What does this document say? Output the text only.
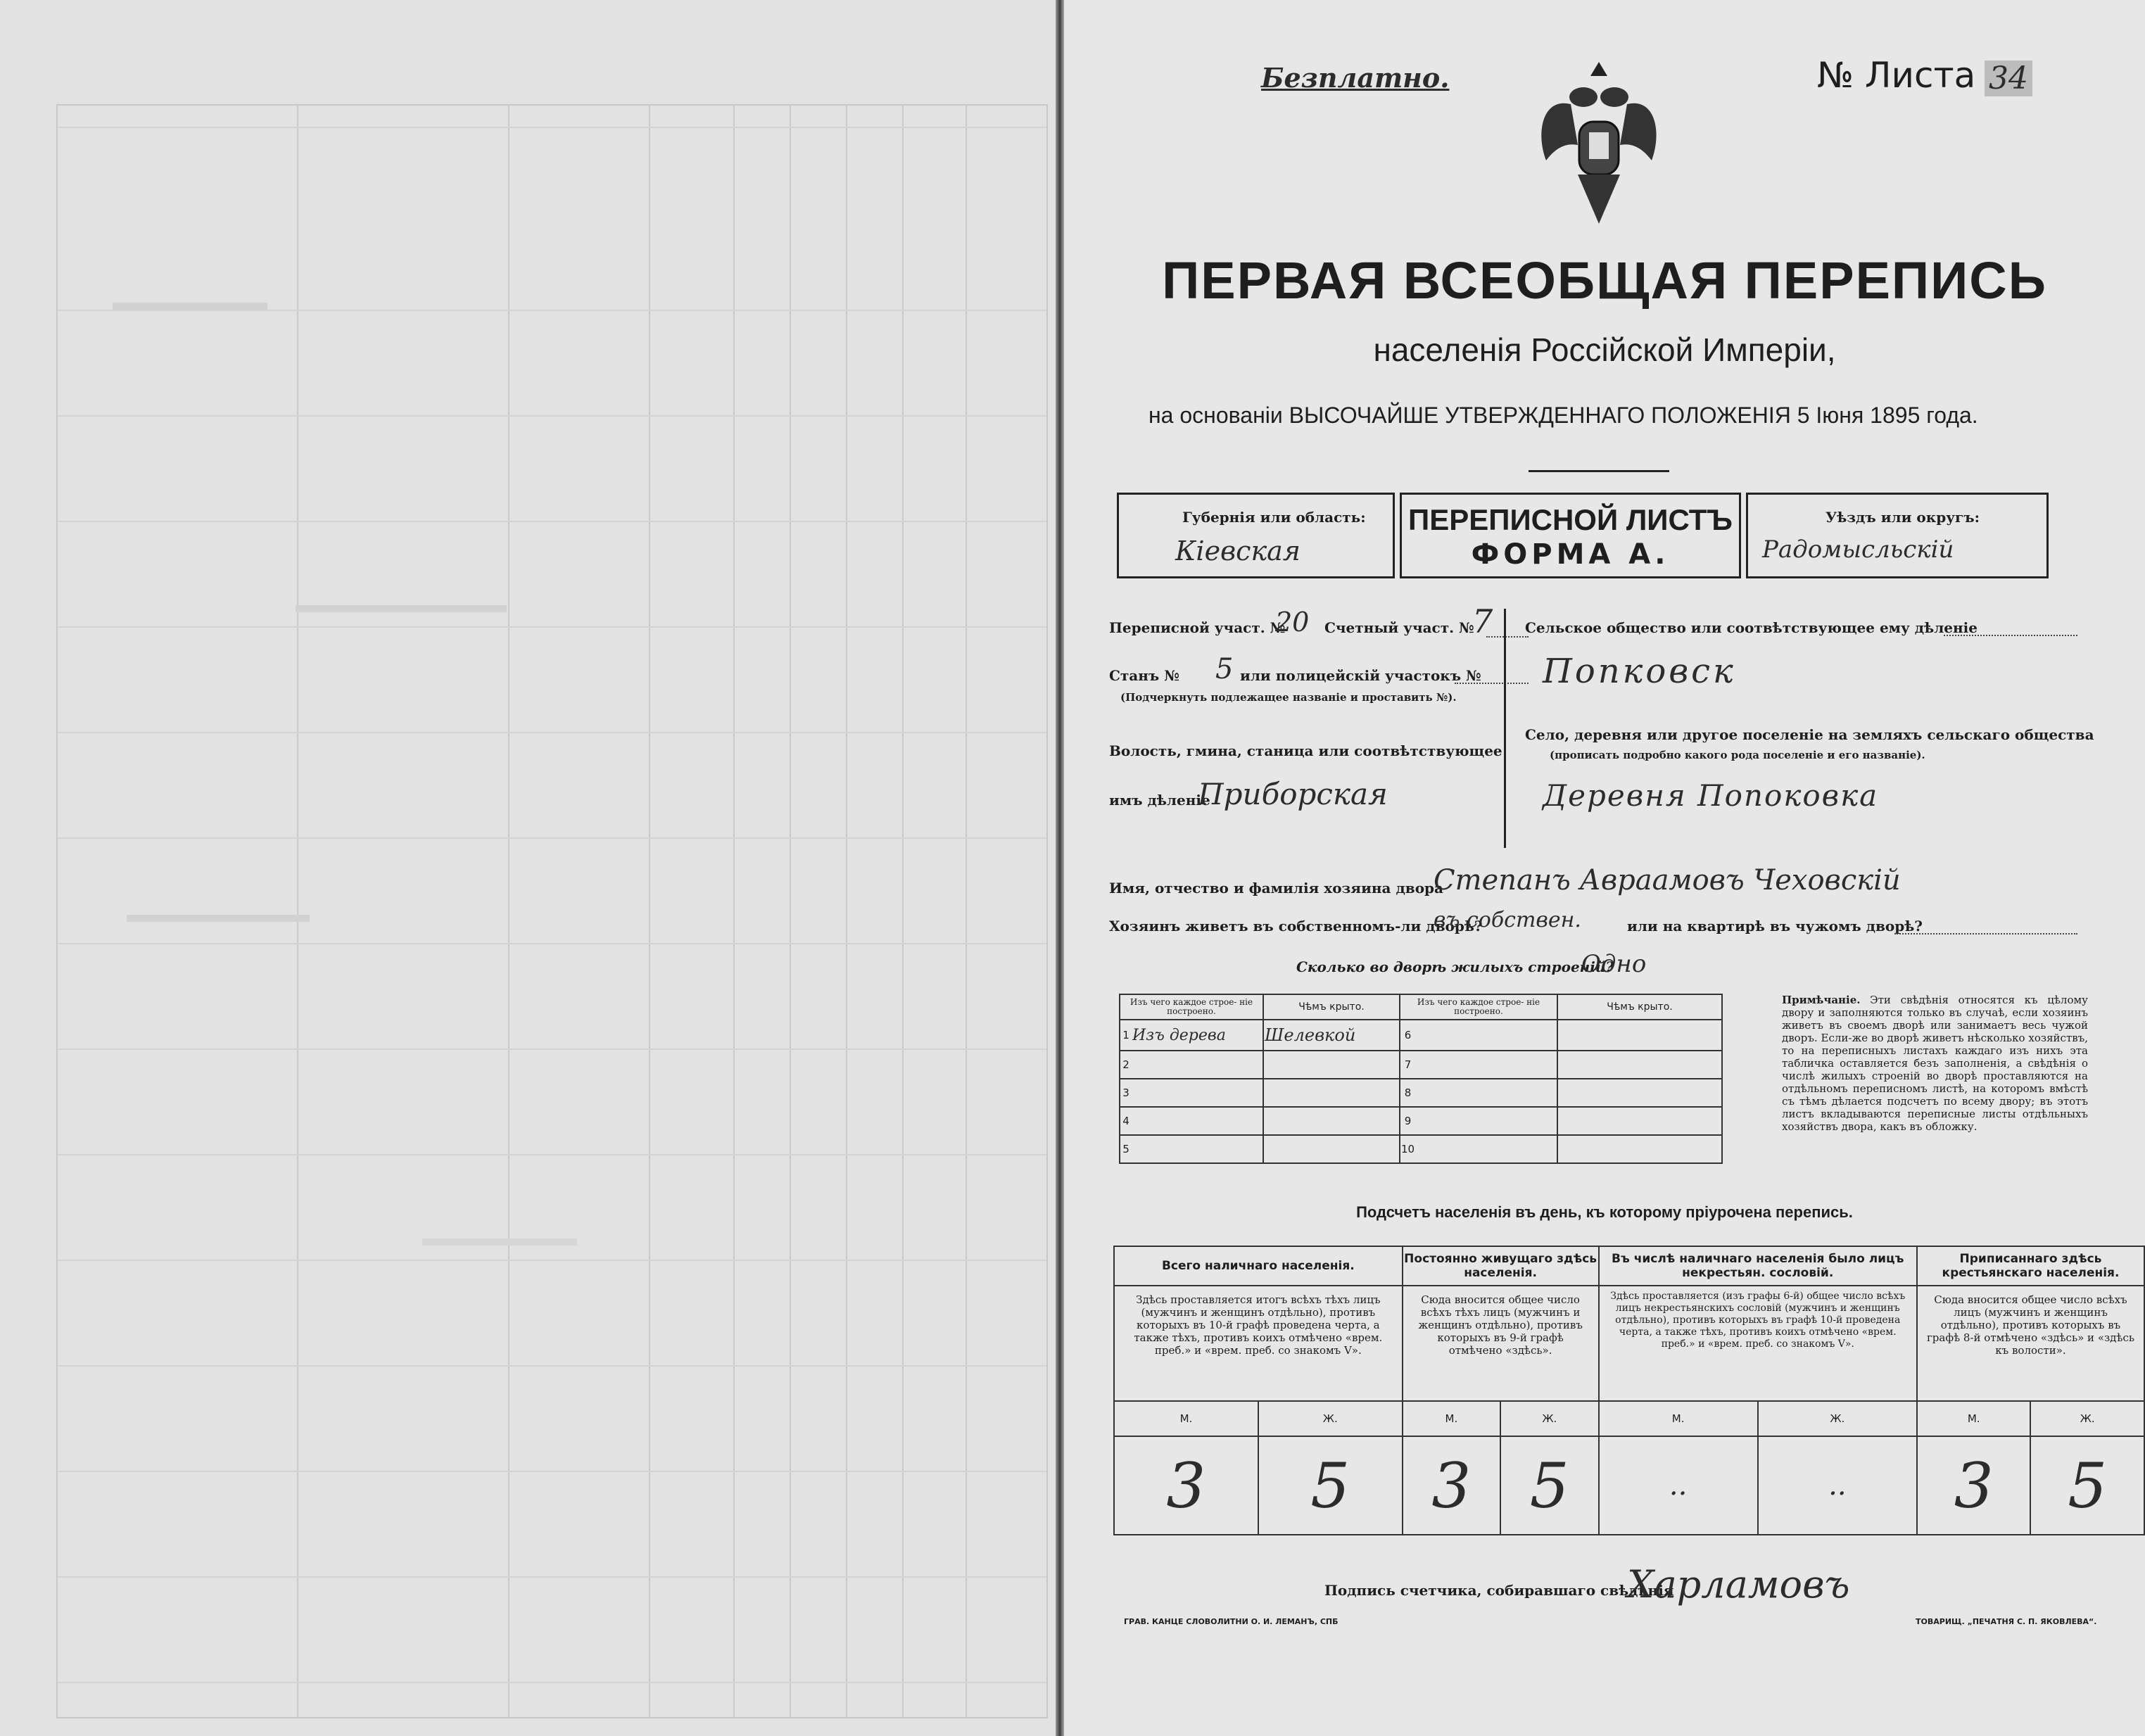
Безплатно.	№ Листа 34
ПЕРВАЯ ВСЕОБЩАЯ ПЕРЕПИСЬ
населенія Россійской Имперіи,
на основаніи ВЫСОЧАЙШЕ УТВЕРЖДЕННАГО ПОЛОЖЕНІЯ 5 Іюня 1895 года.
Губернія или область:
Кіевская
ПЕРЕПИСНОЙ ЛИСТЪ
ФОРМА А.
Уѣздъ или округъ:
Радомысльскій
Переписной участ. №
20 Счетный участ. №
7
Станъ № 5 или полицейскій участокъ №
(Подчеркнуть подлежащее названіе и проставить №).
Волость, гмина, станица или соотвѣтствующее
имъ дѣленіе
Приборская
Сельское общество или соотвѣтствующее ему дѣленіе
Попковск
Село, деревня или другое поселеніе на земляхъ сельскаго общества
(прописать подробно какого рода поселеніе и его названіе).
Деревня Попоковка
Имя, отчество и фамилія хозяина двора
Степанъ Авраамовъ Чеховскій
Хозяинъ живетъ въ собственномъ-ли дворѣ?
въ собствен.	или на квартирѣ въ чужомъ дворѣ?
Сколько во дворѣ жилыхъ строеній?
Одно
Изъ чего каждое строе- ніе построено.		Чѣмъ крыто.	Изъ чего каждое строе- ніе построено.		Чѣмъ крыто.
1	Изъ дерева	Шелевкой	6		
2			7		
3			8		
4			9		
5			10		
Примѣчаніе. Эти свѣдѣнія относятся къ цѣлому двору и заполняются только въ случаѣ, если хозяинъ живетъ въ своемъ дворѣ или занимаетъ весь чужой дворъ. Если-же во дворѣ живетъ нѣсколько хозяйствъ, то на переписныхъ листахъ каждаго изъ нихъ эта табличка оставляется безъ заполненія, а свѣдѣнія о числѣ жилыхъ строеній во дворѣ проставляются на отдѣльномъ переписномъ листѣ, на которомъ вмѣстѣ съ тѣмъ дѣлается подсчетъ по всему двору; въ этотъ листъ вкладываются переписные листы отдѣльныхъ хозяйствъ двора, какъ въ обложку.
Подсчетъ населенія въ день, къ которому пріурочена перепись.
Всего наличнаго населенія.		Постоянно живущаго здѣсь населенія.		Въ числѣ наличнаго населенія было лицъ некрестьян. сословій.		Приписаннаго здѣсь крестьянскаго населенія.	
Здѣсь проставляется итогъ всѣхъ тѣхъ лицъ (мужчинъ и женщинъ отдѣльно), противъ которыхъ въ 10-й графѣ проведена черта, а также тѣхъ, противъ коихъ отмѣчено «врем. преб.» и «врем. преб. со знакомъ V».		Сюда вносится общее число всѣхъ тѣхъ лицъ (мужчинъ и женщинъ отдѣльно), противъ которыхъ въ 9-й графѣ отмѣчено «здѣсь».		Здѣсь проставляется (изъ графы 6-й) общее число всѣхъ лицъ некрестьянскихъ сословій (мужчинъ и женщинъ отдѣльно), противъ которыхъ въ графѣ 10-й проведена черта, а также тѣхъ, противъ коихъ отмѣчено «врем. преб.» и «врем. преб. со знакомъ V».		Сюда вносится общее число всѣхъ лицъ (мужчинъ и женщинъ отдѣльно), противъ которыхъ въ графѣ 8-й отмѣчено «здѣсь» и «здѣсь къ волости».	
М.	Ж.	М.	Ж.	М.	Ж.	М.	Ж.
3	5	3	5	..	..	3	5
Подпись счетчика, собиравшаго свѣдѣнія
Харламовъ
ГРАВ. КАНЦЕ СЛОВОЛИТНИ О. И. ЛЕМАНЪ, СПБ	ТОВАРИЩ. „ПЕЧАТНЯ С. П. ЯКОВЛЕВА“.
